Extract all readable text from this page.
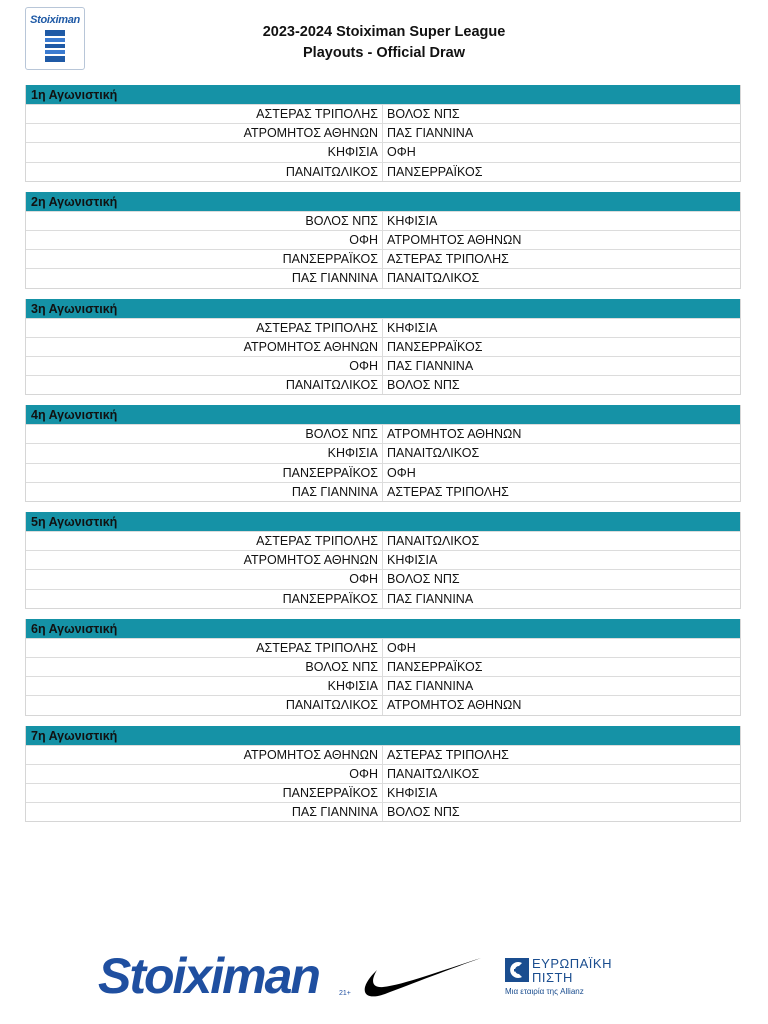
Stoiximan
2023-2024 Stoiximan Super League
Playouts - Official Draw
1η Αγωνιστική
ΑΣΤΕΡΑΣ ΤΡΙΠΟΛΗΣ ΒΟΛΟΣ ΝΠΣ
ΑΤΡΟΜΗΤΟΣ ΑΘΗΝΩΝ ΠΑΣ ΓΙΑΝΝΙΝΑ
ΚΗΦΙΣΙΑ ΟΦΗ
ΠΑΝΑΙΤΩΛΙΚΟΣ ΠΑΝΣΕΡΡΑΪΚΟΣ
2η Αγωνιστική
ΒΟΛΟΣ ΝΠΣ ΚΗΦΙΣΙΑ
ΟΦΗ ΑΤΡΟΜΗΤΟΣ ΑΘΗΝΩΝ
ΠΑΝΣΕΡΡΑΪΚΟΣ ΑΣΤΕΡΑΣ ΤΡΙΠΟΛΗΣ
ΠΑΣ ΓΙΑΝΝΙΝΑ ΠΑΝΑΙΤΩΛΙΚΟΣ
3η Αγωνιστική
ΑΣΤΕΡΑΣ ΤΡΙΠΟΛΗΣ ΚΗΦΙΣΙΑ
ΑΤΡΟΜΗΤΟΣ ΑΘΗΝΩΝ ΠΑΝΣΕΡΡΑΪΚΟΣ
ΟΦΗ ΠΑΣ ΓΙΑΝΝΙΝΑ
ΠΑΝΑΙΤΩΛΙΚΟΣ ΒΟΛΟΣ ΝΠΣ
4η Αγωνιστική
ΒΟΛΟΣ ΝΠΣ ΑΤΡΟΜΗΤΟΣ ΑΘΗΝΩΝ
ΚΗΦΙΣΙΑ ΠΑΝΑΙΤΩΛΙΚΟΣ
ΠΑΝΣΕΡΡΑΪΚΟΣ ΟΦΗ
ΠΑΣ ΓΙΑΝΝΙΝΑ ΑΣΤΕΡΑΣ ΤΡΙΠΟΛΗΣ
5η Αγωνιστική
ΑΣΤΕΡΑΣ ΤΡΙΠΟΛΗΣ ΠΑΝΑΙΤΩΛΙΚΟΣ
ΑΤΡΟΜΗΤΟΣ ΑΘΗΝΩΝ ΚΗΦΙΣΙΑ
ΟΦΗ ΒΟΛΟΣ ΝΠΣ
ΠΑΝΣΕΡΡΑΪΚΟΣ ΠΑΣ ΓΙΑΝΝΙΝΑ
6η Αγωνιστική
ΑΣΤΕΡΑΣ ΤΡΙΠΟΛΗΣ ΟΦΗ
ΒΟΛΟΣ ΝΠΣ ΠΑΝΣΕΡΡΑΪΚΟΣ
ΚΗΦΙΣΙΑ ΠΑΣ ΓΙΑΝΝΙΝΑ
ΠΑΝΑΙΤΩΛΙΚΟΣ ΑΤΡΟΜΗΤΟΣ ΑΘΗΝΩΝ
7η Αγωνιστική
ΑΤΡΟΜΗΤΟΣ ΑΘΗΝΩΝ ΑΣΤΕΡΑΣ ΤΡΙΠΟΛΗΣ
ΟΦΗ ΠΑΝΑΙΤΩΛΙΚΟΣ
ΠΑΝΣΕΡΡΑΪΚΟΣ ΚΗΦΙΣΙΑ
ΠΑΣ ΓΙΑΝΝΙΝΑ ΒΟΛΟΣ ΝΠΣ
Stoiximan	21+
ΕΥΡΩΠΑΪΚΗ
ΠΙΣΤΗ
Μια εταιρία της Allianz
